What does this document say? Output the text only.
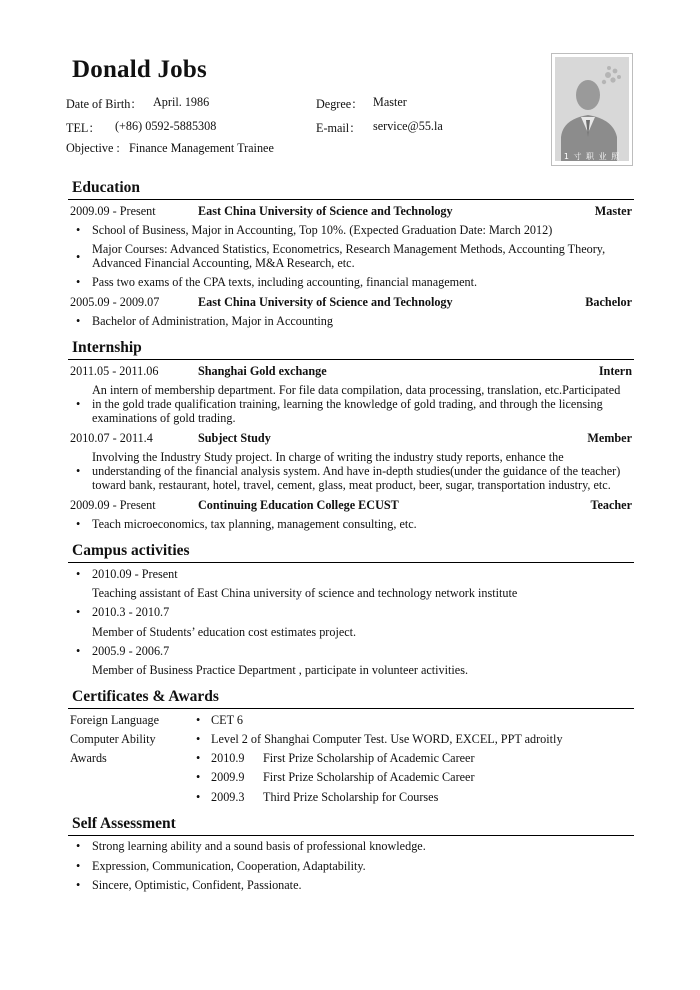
Donald Jobs
Date of Birth： April. 1986	Degree： Master
TEL： (+86) 0592-5885308	E-mail： service@55.la
Objective : Finance Management Trainee
1 寸 职 业 照
Education
2009.09 - Present	East China University of Science and Technology	Master
• School of Business, Major in Accounting, Top 10%. (Expected Graduation Date: March 2012)
•
Major Courses: Advanced Statistics, Econometrics, Research Management Methods, Accounting Theory, Advanced Financial Accounting, M&A Research, etc.
• Pass two exams of the CPA texts, including accounting, financial management.
2005.09 - 2009.07	East China University of Science and Technology	Bachelor
• Bachelor of Administration, Major in Accounting
Internship
2011.05 - 2011.06	Shanghai Gold exchange	Intern
•
An intern of membership department. For file data compilation, data processing, translation, etc.Participated in the gold trade qualification training, learning the knowledge of gold trading, and through the licensing examinations of gold trading.
2010.07 - 2011.4	Subject Study	Member
•
Involving the Industry Study project. In charge of writing the industry study reports, enhance the understanding of the financial analysis system. And have in-depth studies(under the guidance of the teacher) toward bank, restaurant, hotel, travel, cement, glass, meat product, beer, sugar, transportation industry, etc.
2009.09 - Present	Continuing Education College ECUST	Teacher
• Teach microeconomics, tax planning, management consulting, etc.
Campus activities
• 2010.09 - Present
Teaching assistant of East China university of science and technology network institute
• 2010.3 - 2010.7
Member of Students’ education cost estimates project.
• 2005.9 - 2006.7
Member of Business Practice Department , participate in volunteer activities.
Certificates & Awards
Foreign Language	• CET 6
Computer Ability	• Level 2 of Shanghai Computer Test. Use WORD, EXCEL, PPT adroitly
Awards	• 2010.9 First Prize Scholarship of Academic Career
• 2009.9 First Prize Scholarship of Academic Career
• 2009.3 Third Prize Scholarship for Courses
Self Assessment
• Strong learning ability and a sound basis of professional knowledge.
• Expression, Communication, Cooperation, Adaptability.
• Sincere, Optimistic, Confident, Passionate.
